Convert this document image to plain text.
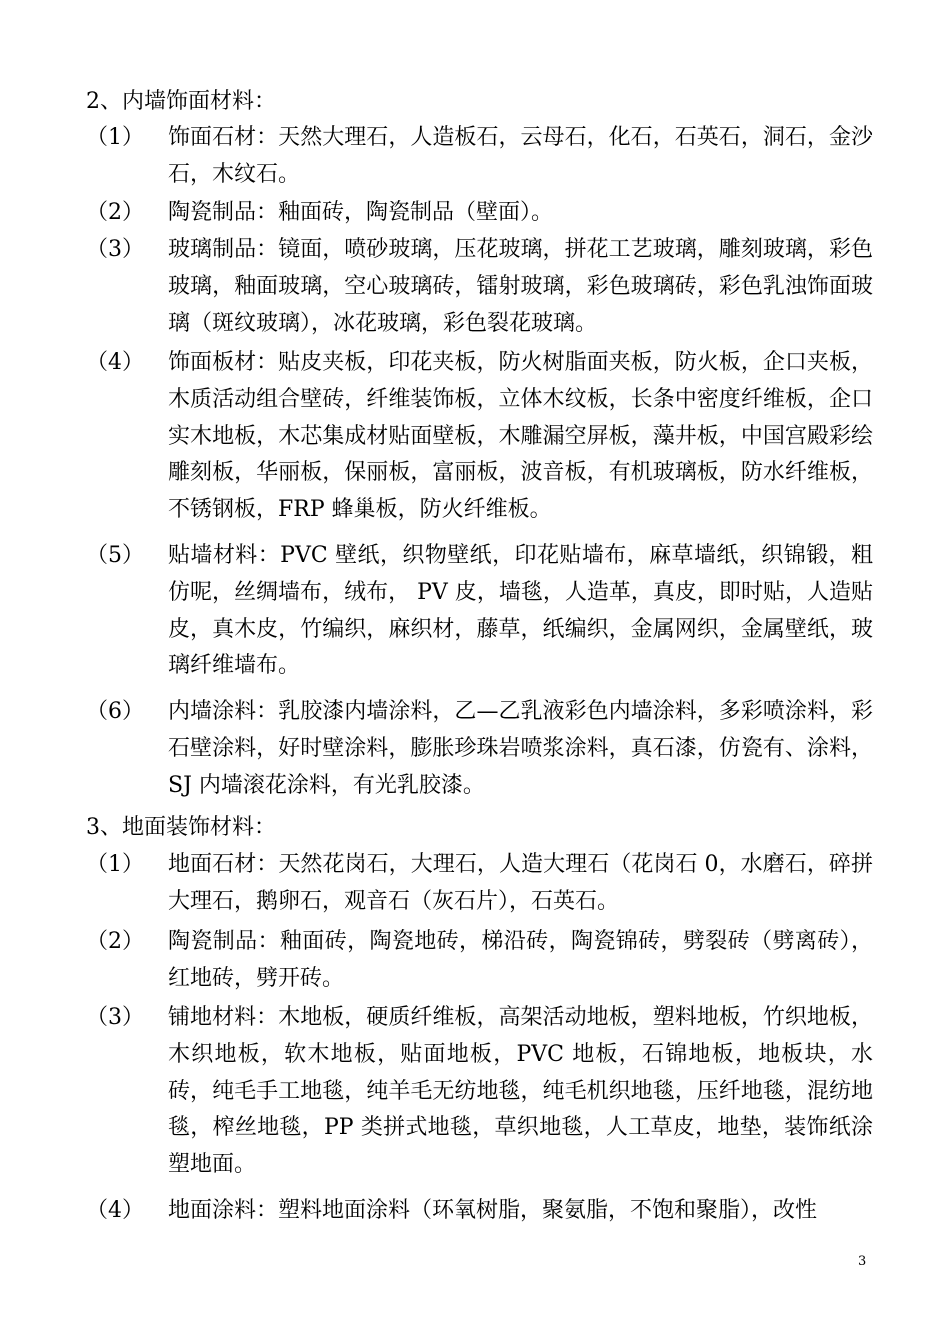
2、内墙饰面材料：
（1） 饰面石材：天然大理石，人造板石，云母石，化石，石英石，洞石，金沙石，木纹石。
（2） 陶瓷制品：釉面砖，陶瓷制品（壁面）。
（3） 玻璃制品：镜面，喷砂玻璃，压花玻璃，拼花工艺玻璃，雕刻玻璃，彩色玻璃，釉面玻璃，空心玻璃砖，镭射玻璃，彩色玻璃砖，彩色乳浊饰面玻璃（斑纹玻璃），冰花玻璃，彩色裂花玻璃。
（4） 饰面板材：贴皮夹板，印花夹板，防火树脂面夹板，防火板，企口夹板，木质活动组合壁砖，纤维装饰板，立体木纹板，长条中密度纤维板，企口实木地板，木芯集成材贴面壁板，木雕漏空屏板，藻井板，中国宫殿彩绘雕刻板，华丽板，保丽板，富丽板，波音板，有机玻璃板，防水纤维板，不锈钢板，FRP 蜂巢板，防火纤维板。
（5） 贴墙材料：PVC 壁纸，织物壁纸，印花贴墙布，麻草墙纸，织锦锻，粗仿呢，丝绸墙布，绒布， PV 皮，墙毯，人造革，真皮，即时贴，人造贴皮，真木皮，竹编织，麻织材，藤草，纸编织，金属网织，金属壁纸，玻璃纤维墙布。
（6） 内墙涂料：乳胶漆内墙涂料，乙—乙乳液彩色内墙涂料，多彩喷涂料，彩石壁涂料，好时壁涂料，膨胀珍珠岩喷浆涂料，真石漆，仿瓷有、涂料，SJ 内墙滚花涂料，有光乳胶漆。
3、地面装饰材料：
（1） 地面石材：天然花岗石，大理石，人造大理石（花岗石 0，水磨石，碎拼大理石，鹅卵石，观音石（灰石片），石英石。
（2） 陶瓷制品：釉面砖，陶瓷地砖，梯沿砖，陶瓷锦砖，劈裂砖（劈离砖），红地砖，劈开砖。
（3） 铺地材料：木地板，硬质纤维板，高架活动地板，塑料地板，竹织地板，木织地板，软木地板，贴面地板，PVC 地板，石锦地板，地板块，水砖，纯毛手工地毯，纯羊毛无纺地毯，纯毛机织地毯，压纤地毯，混纺地毯，榨丝地毯，PP 类拼式地毯，草织地毯，人工草皮，地垫，装饰纸涂塑地面。
（4） 地面涂料：塑料地面涂料（环氧树脂，聚氨脂，不饱和聚脂），改性
3
